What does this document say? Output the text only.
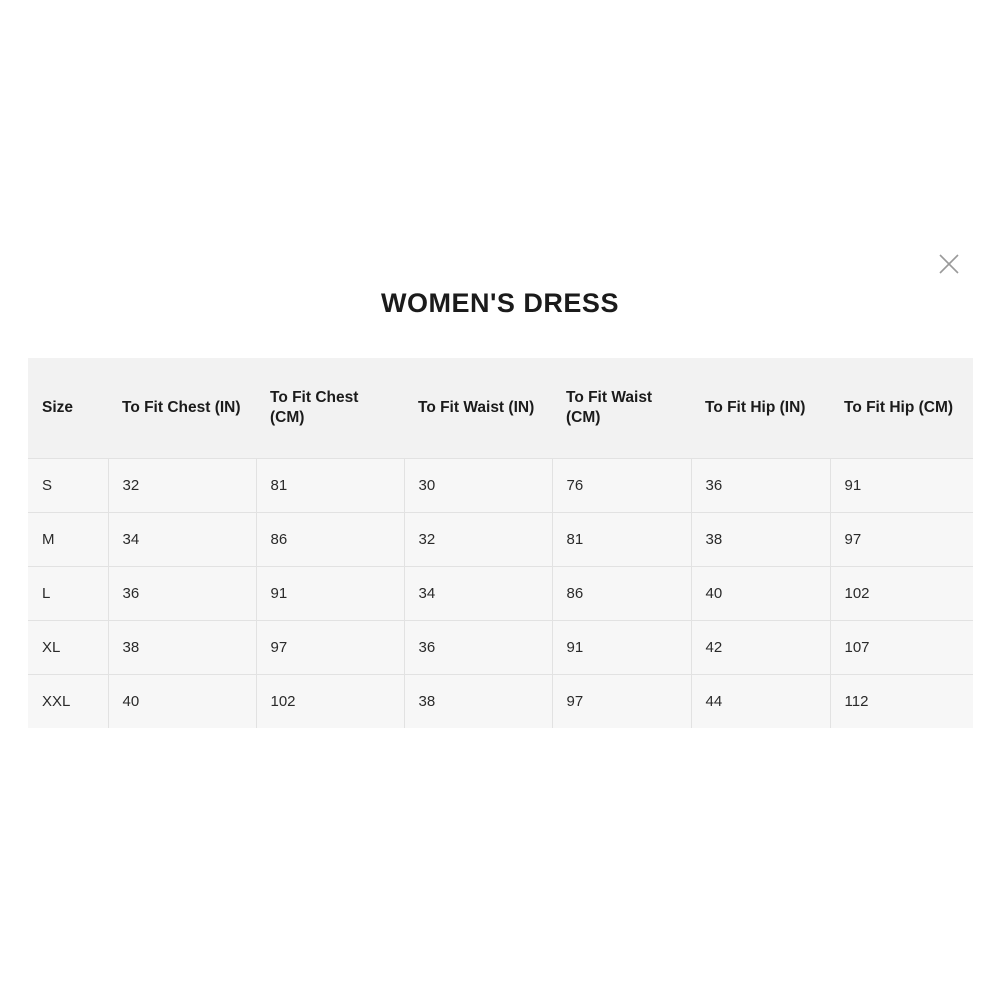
WOMEN'S DRESS
Size	To Fit Chest (IN)	To Fit Chest (CM)	To Fit Waist (IN)	To Fit Waist (CM)	To Fit Hip (IN)	To Fit Hip (CM)
S	32	81	30	76	36	91
M	34	86	32	81	38	97
L	36	91	34	86	40	102
XL	38	97	36	91	42	107
XXL	40	102	38	97	44	112
